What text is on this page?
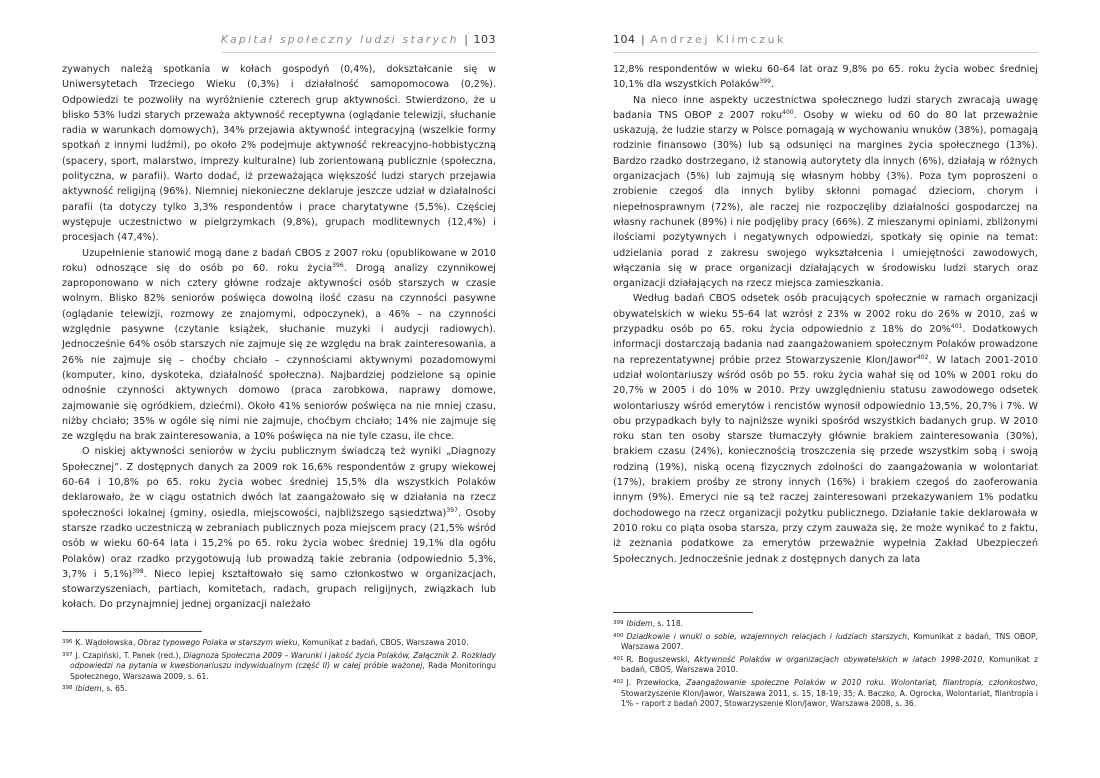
Kapitał społeczny ludzi starych | 103

zywanych należą spotkania w kołach gospodyń (0,4%), dokształcanie się w Uniwersytetach Trzeciego Wieku (0,3%) i działalność samopomocowa (0,2%). Odpowiedzi te pozwoliły na wyróżnienie czterech grup aktywności. Stwierdzono, że u blisko 53% ludzi starych przeważa aktywność receptywna (oglądanie telewizji, słuchanie radia w warunkach domowych), 34% przejawia aktywność integracyjną (wszelkie formy spotkań z innymi ludźmi), po około 2% podejmuje aktywność rekreacyjno-hobbistyczną (spacery, sport, malarstwo, imprezy kulturalne) lub zorientowaną publicznie (społeczna, polityczna, w parafii). Warto dodać, iż przeważająca większość ludzi starych przejawia aktywność religijną (96%). Niemniej niekonieczne deklaruje jeszcze udział w działalności parafii (ta dotyczy tylko 3,3% respondentów i prace charytatywne (5,5%). Częściej występuje uczestnictwo w pielgrzymkach (9,8%), grupach modlitewnych (12,4%) i procesjach (47,4%).

Uzupełnienie stanowić mogą dane z badań CBOS z 2007 roku (opublikowane w 2010 roku) odnoszące się do osób po 60. roku życia$^{396}$. Drogą analizy czynnikowej zaproponowano w nich cztery główne rodzaje aktywności osób starszych w czasie wolnym. Blisko 82% seniorów poświęca dowolną ilość czasu na czynności pasywne (oglądanie telewizji, rozmowy ze znajomymi, odpoczynek), a 46% – na czynności względnie pasywne (czytanie książek, słuchanie muzyki i audycji radiowych). Jednocześnie 64% osób starszych nie zajmuje się ze względu na brak zainteresowania, a 26% nie zajmuje się – choćby chciało – czynnościami aktywnymi pozadomowymi (komputer, kino, dyskoteka, działalność społeczna). Najbardziej podzielone są opinie odnośnie czynności aktywnych domowo (praca zarobkowa, naprawy domowe, zajmowanie się ogródkiem, dziećmi). Około 41% seniorów poświęca na nie mniej czasu, niżby chciało; 35% w ogóle się nimi nie zajmuje, choćbym chciało; 14% nie zajmuje się ze względu na brak zainteresowania, a 10% poświęca na nie tyle czasu, ile chce.

O niskiej aktywności seniorów w życiu publicznym świadczą też wyniki „Diagnozy Społecznej”. Z dostępnych danych za 2009 rok 16,6% respondentów z grupy wiekowej 60-64 i 10,8% po 65. roku życia wobec średniej 15,5% dla wszystkich Polaków deklarowało, że w ciągu ostatnich dwóch lat zaangażowało się w działania na rzecz społeczności lokalnej (gminy, osiedla, miejscowości, najbliższego sąsiedztwa)$^{397}$. Osoby starsze rzadko uczestniczą w zebraniach publicznych poza miejscem pracy (21,5% wśród osób w wieku 60-64 lata i 15,2% po 65. roku życia wobec średniej 19,1% dla ogółu Polaków) oraz rzadko przygotowują lub prowadzą takie zebrania (odpowiednio 5,3%, 3,7% i 5,1%)$^{398}$. Nieco lepiej kształtowało się samo członkostwo w organizacjach, stowarzyszeniach, partiach, komitetach, radach, grupach religijnych, związkach lub kołach. Do przynajmniej jednej organizacji należało

$^{396}$ K. Wądołowska, Obraz typowego Polaka w starszym wieku, Komunikat z badań, CBOS, Warszawa 2010.
$^{397}$ J. Czapiński, T. Panek (red.), Diagnoza Społeczna 2009 – Warunki i jakość życia Polaków, Załącznik 2. Rozkłady odpowiedzi na pytania w kwestionariuszu indywidualnym (część II) w całej próbie ważonej, Rada Monitoringu Społecznego, Warszawa 2009, s. 61.
$^{398}$ Ibidem, s. 65.
104 | Andrzej Klimczuk

12,8% respondentów w wieku 60-64 lat oraz 9,8% po 65. roku życia wobec średniej 10,1% dla wszystkich Polaków$^{399}$.

Na nieco inne aspekty uczestnictwa społecznego ludzi starych zwracają uwagę badania TNS OBOP z 2007 roku$^{400}$. Osoby w wieku od 60 do 80 lat przeważnie uskazują, że ludzie starzy w Polsce pomagają w wychowaniu wnuków (38%), pomagają rodzinie finansowo (30%) lub są odsunięci na margines życia społecznego (13%). Bardzo rzadko dostrzegano, iż stanowią autorytety dla innych (6%), działają w różnych organizacjach (5%) lub zajmują się własnym hobby (3%). Poza tym poproszeni o zrobienie czegoś dla innych byliby skłonni pomagać dzieciom, chorym i niepełnosprawnym (72%), ale raczej nie rozpoczęliby działalności gospodarczej na własny rachunek (89%) i nie podjęliby pracy (66%). Z mieszanymi opiniami, zbliżonymi ilościami pozytywnych i negatywnych odpowiedzi, spotkały się opinie na temat: udzielania porad z zakresu swojego wykształcenia i umiejętności zawodowych, włączania się w prace organizacji działających w środowisku ludzi starych oraz organizacji działających na rzecz miejsca zamieszkania.

Według badań CBOS odsetek osób pracujących społecznie w ramach organizacji obywatelskich w wieku 55-64 lat wzrósł z 23% w 2002 roku do 26% w 2010, zaś w przypadku osób po 65. roku życia odpowiednio z 18% do 20%$^{401}$. Dodatkowych informacji dostarczają badania nad zaangażowaniem społecznym Polaków prowadzone na reprezentatywnej próbie przez Stowarzyszenie Klon/Jawor$^{402}$. W latach 2001-2010 udział wolontariuszy wśród osób po 55. roku życia wahał się od 10% w 2001 roku do 20,7% w 2005 i do 10% w 2010. Przy uwzględnieniu statusu zawodowego odsetek wolontariuszy wśród emerytów i rencistów wynosił odpowiednio 13,5%, 20,7% i 7%. W obu przypadkach były to najniższe wyniki spośród wszystkich badanych grup. W 2010 roku stan ten osoby starsze tłumaczyły głównie brakiem zainteresowania (30%), brakiem czasu (24%), koniecznością troszczenia się przede wszystkim sobą i swoją rodziną (19%), niską oceną fizycznych zdolności do zaangażowania w wolontariat (17%), brakiem prośby ze strony innych (16%) i brakiem czegoś do zaoferowania innym (9%). Emeryci nie są też raczej zainteresowani przekazywaniem 1% podatku dochodowego na rzecz organizacji pożytku publicznego. Działanie takie deklarowała w 2010 roku co piąta osoba starsza, przy czym zauważa się, że może wynikać to z faktu, iż zeznania podatkowe za emerytów przeważnie wypełnia Zakład Ubezpieczeń Społecznych. Jednocześnie jednak z dostępnych danych za lata

$^{399}$ Ibidem, s. 118.
$^{400}$ Dziadkowie i wnuki o sobie, wzajemnych relacjach i ludziach starszych, Komunikat z badań, TNS OBOP, Warszawa 2007.
$^{401}$ R. Boguszewski, Aktywność Polaków w organizacjach obywatelskich w latach 1998-2010, Komunikat z badań, CBOS, Warszawa 2010.
$^{402}$ J. Przewłocka, Zaangażowanie społeczne Polaków w 2010 roku. Wolontariat, filantropia, członkostwo, Stowarzyszenie Klon/Jawor, Warszawa 2011, s. 15, 18-19, 35; A. Baczko, A. Ogrocka, Wolontariat, filantropia i 1% – raport z badań 2007, Stowarzyszenie Klon/Jawor, Warszawa 2008, s. 36.
